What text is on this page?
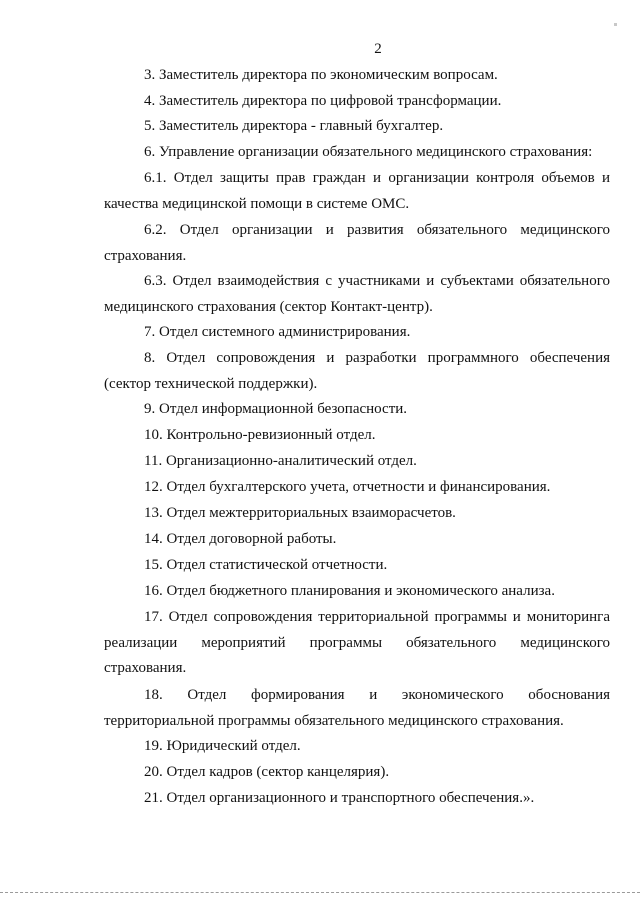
2

3. Заместитель директора по экономическим вопросам.

4. Заместитель директора по цифровой трансформации.

5. Заместитель директора - главный бухгалтер.

6. Управление организации обязательного медицинского страхования:

6.1. Отдел защиты прав граждан и организации контроля объемов и качества медицинской помощи в системе ОМС.

6.2. Отдел организации и развития обязательного медицинского страхования.

6.3. Отдел взаимодействия с участниками и субъектами обязательного медицинского страхования (сектор Контакт-центр).

7. Отдел системного администрирования.

8. Отдел сопровождения и разработки программного обеспечения (сектор технической поддержки).

9. Отдел информационной безопасности.

10. Контрольно-ревизионный отдел.

11. Организационно-аналитический отдел.

12. Отдел бухгалтерского учета, отчетности и финансирования.

13. Отдел межтерриториальных взаиморасчетов.

14. Отдел договорной работы.

15. Отдел статистической отчетности.

16. Отдел бюджетного планирования и экономического анализа.

17. Отдел сопровождения территориальной программы и мониторинга реализации мероприятий программы обязательного медицинского страхования.

18. Отдел формирования и экономического обоснования территориальной программы обязательного медицинского страхования.

19. Юридический отдел.

20. Отдел кадров (сектор канцелярия).

21. Отдел организационного и транспортного обеспечения.».
